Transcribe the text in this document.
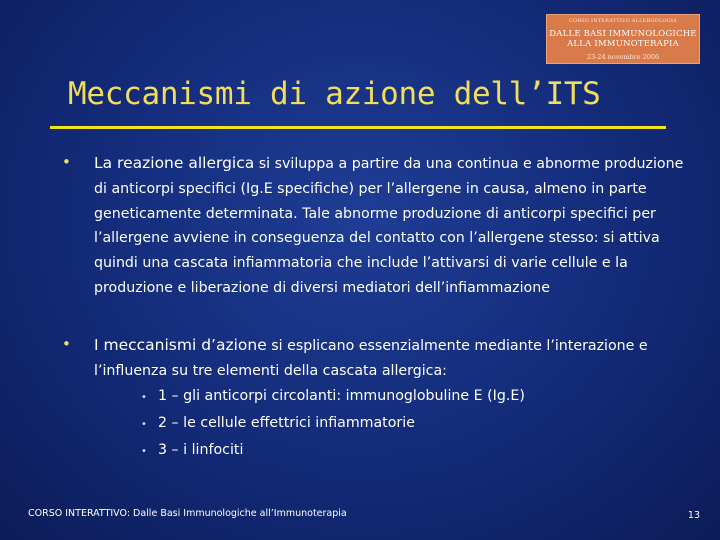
CORSO INTERATTIVO ALLERGOLOGIA
DALLE BASI IMMUNOLOGICHE
ALLA IMMUNOTERAPIA
23-24 novembre 2006
Meccanismi di azione dell’ITS
• La reazione allergica si sviluppa a partire da una continua e abnorme produzione di anticorpi specifici (Ig.E specifiche) per l’allergene in causa, almeno in parte geneticamente determinata. Tale abnorme produzione di anticorpi specifici per l’allergene avviene in conseguenza del contatto con l’allergene stesso: si attiva quindi una cascata infiammatoria che include l’attivarsi di varie cellule e la produzione e liberazione di diversi mediatori dell’infiammazione
• I meccanismi d’azione si esplicano essenzialmente mediante l’interazione e l’influenza su tre elementi della cascata allergica:
• 1 – gli anticorpi circolanti: immunoglobuline E (Ig.E)
• 2 – le cellule effettrici infiammatorie
• 3 – i linfociti
CORSO INTERATTIVO: Dalle Basi Immunologiche all’Immunoterapia	13
